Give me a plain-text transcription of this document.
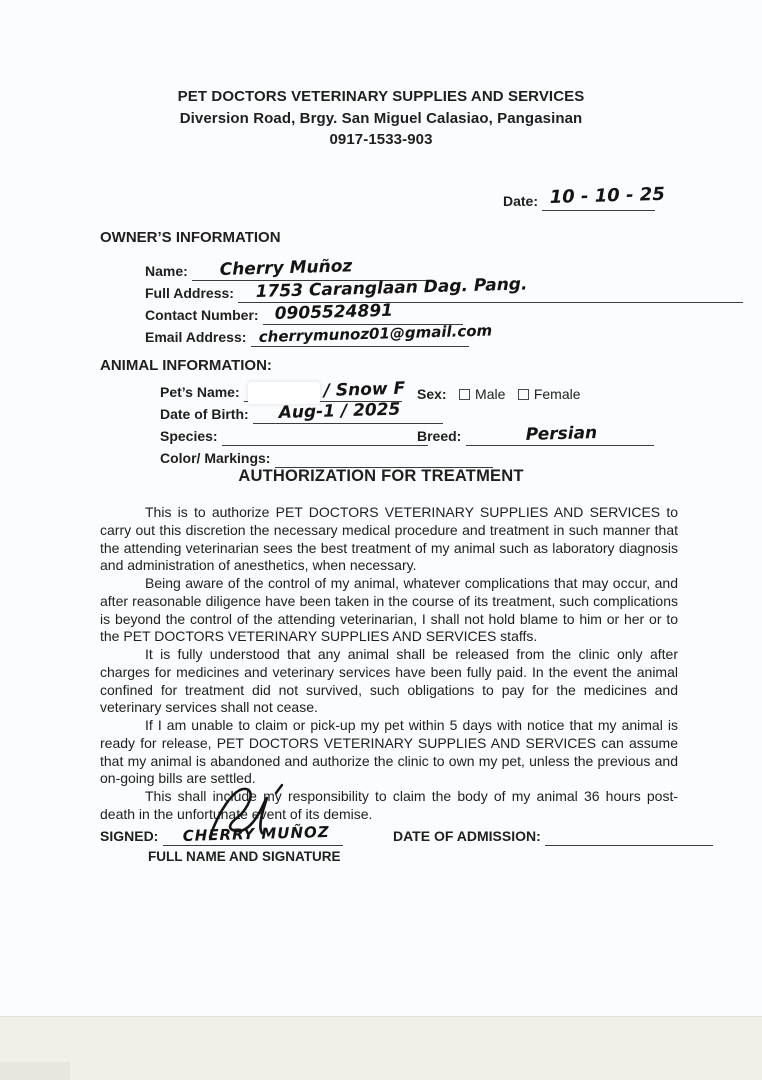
PET DOCTORS VETERINARY SUPPLIES AND SERVICES
Diversion Road, Brgy. San Miguel Calasiao, Pangasinan
0917-1533-903
Date: 10 - 10 - 25
OWNER’S INFORMATION
Name: Cherry Muñoz
Full Address: 1753 Caranglaan Dag. Pang.
Contact Number: 0905524891
Email Address: cherrymunoz01@gmail.com
ANIMAL INFORMATION:
Pet’s Name:	/ Snow F Sex: Male Female
Date of Birth: Aug-1 / 2025
Species:	Breed:	Persian
Color/ Markings:
AUTHORIZATION FOR TREATMENT

This is to authorize PET DOCTORS VETERINARY SUPPLIES AND SERVICES to carry out this discretion the necessary medical procedure and treatment in such manner that the attending veterinarian sees the best treatment of my animal such as laboratory diagnosis and administration of anesthetics, when necessary.

Being aware of the control of my animal, whatever complications that may occur, and after reasonable diligence have been taken in the course of its treatment, such complications is beyond the control of the attending veterinarian, I shall not hold blame to him or her or to the PET DOCTORS VETERINARY SUPPLIES AND SERVICES staffs.

It is fully understood that any animal shall be released from the clinic only after charges for medicines and veterinary services have been fully paid. In the event the animal confined for treatment did not survived, such obligations to pay for the medicines and veterinary services shall not cease.

If I am unable to claim or pick-up my pet within 5 days with notice that my animal is ready for release, PET DOCTORS VETERINARY SUPPLIES AND SERVICES can assume that my animal is abandoned and authorize the clinic to own my pet, unless the previous and on-going bills are settled.

This shall include my responsibility to claim the body of my animal 36 hours post-death in the unfortunate event of its demise.

SIGNED: CHERRY MUÑOZ
FULL NAME AND SIGNATURE
DATE OF ADMISSION:
